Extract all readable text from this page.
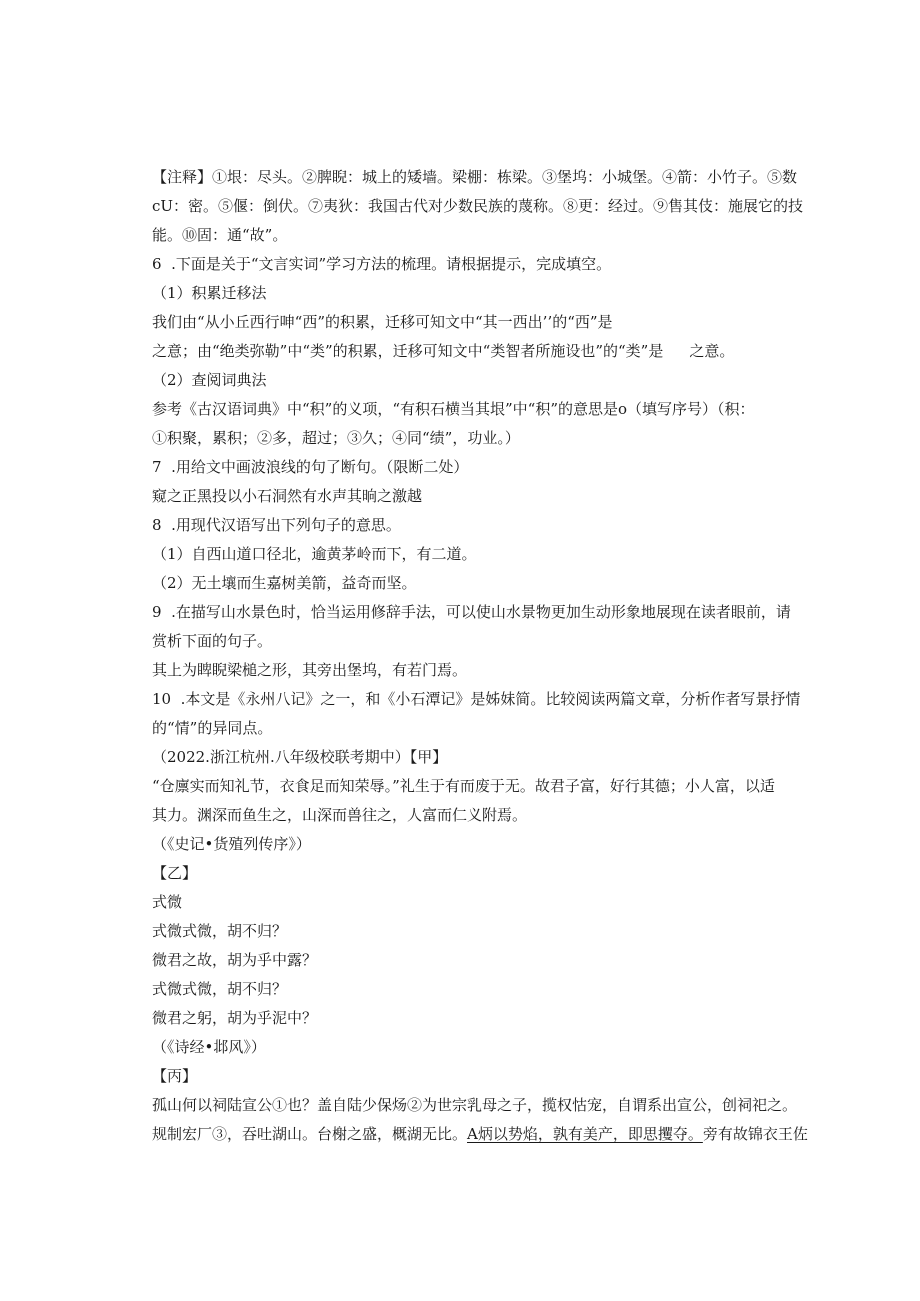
【注释】①垠：尽头。②脾睨：城上的矮墙。梁棚：栋梁。③堡坞：小城堡。④箭：小竹子。⑤数
cU：密。⑤偃：倒伏。⑦夷狄：我国古代对少数民族的蔑称。⑧更：经过。⑨售其伎：施展它的技
能。⑩固：通“故”。
6  .下面是关于“文言实词”学习方法的梳理。请根据提示，完成填空。
（1）积累迁移法
我们由“从小丘西行呻“西”的积累，迁移可知文中“其一西出’’的“西”是
之意；由“绝类弥勒”中“类”的积累，迁移可知文中“类智者所施设也”的“类”是 之意。
（2）查阅词典法
参考《古汉语词典》中“积”的义项，“有积石横当其垠”中“积”的意思是o（填写序号）（积：
①积聚，累积；②多，超过；③久；④同“绩”，功业。）
7  .用给文中画波浪线的句了断句。（限断二处）
窥之正黑投以小石洞然有水声其晌之激越
8  .用现代汉语写出下列句子的意思。
（1）自西山道口径北，逾黄茅岭而下，有二道。
（2）无土壤而生嘉树美箭，益奇而坚。
9  .在描写山水景色时，恰当运用修辞手法，可以使山水景物更加生动形象地展现在读者眼前，请
赏析下面的句子。
其上为睥睨梁槌之形，其旁出堡坞，有若门焉。
10  .本文是《永州八记》之一，和《小石潭记》是姊妹简。比较阅读两篇文章，分析作者写景抒情
的“情”的异同点。
（2022.浙江杭州.八年级校联考期中）【甲】
“仓廪实而知礼节，衣食足而知荣辱。”礼生于有而废于无。故君子富，好行其德；小人富，以适
其力。渊深而鱼生之，山深而兽往之，人富而仁义附焉。
（《史记•货殖列传序》）
【乙】
式微
式微式微，胡不归？
微君之故，胡为乎中露？
式微式微，胡不归？
微君之躬，胡为乎泥中？
（《诗经•邶风》）
【丙】
孤山何以祠陆宣公①也？盖自陆少保炀②为世宗乳母之子，揽权怙宠，自谓系出宣公，创祠祀之。
规制宏厂③，吞吐湖山。台榭之盛，概湖无比。A炳以势焰，孰有美产，即思攫夺。旁有故锦衣王佐
